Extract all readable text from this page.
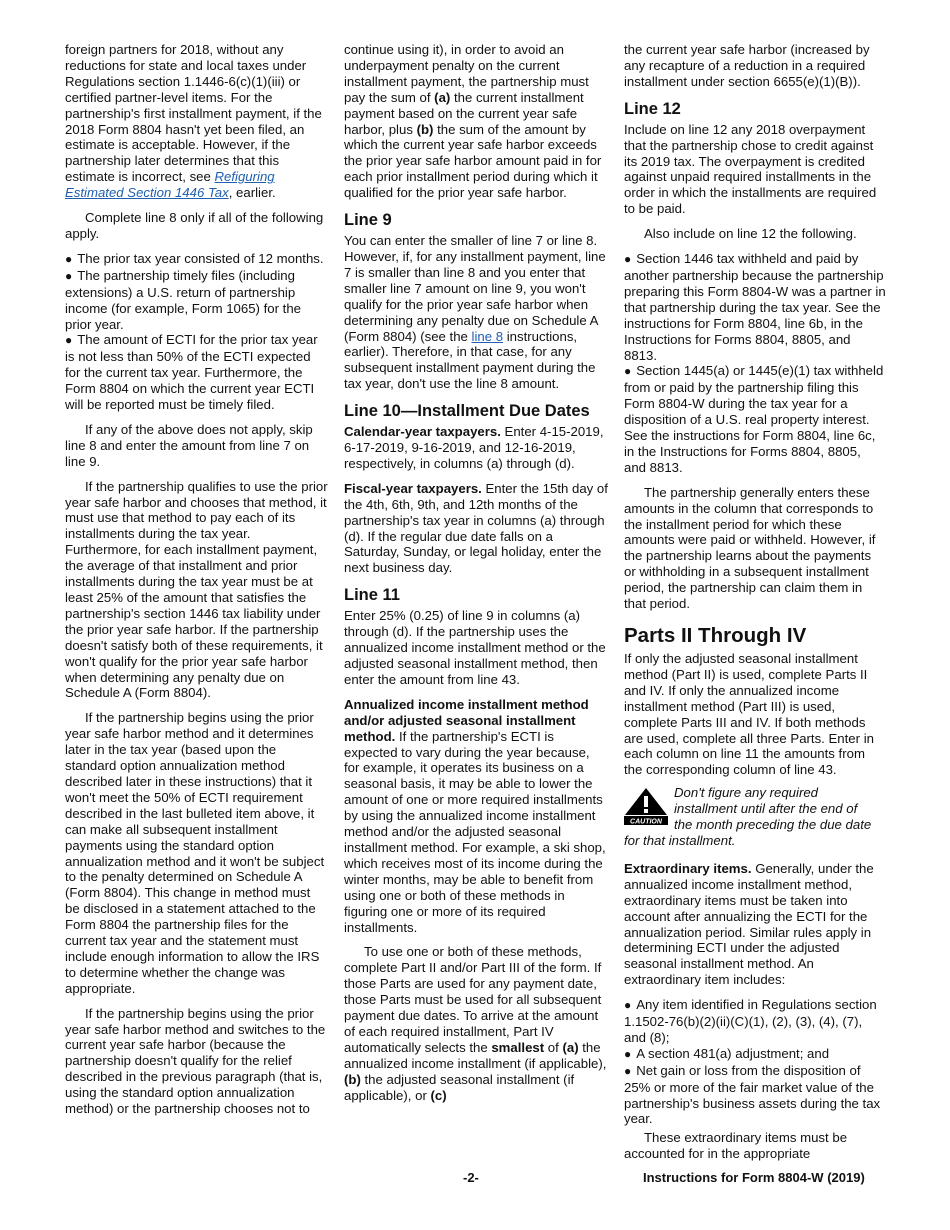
foreign partners for 2018, without any reductions for state and local taxes under Regulations section 1.1446-6(c)(1)(iii) or certified partner-level items. For the partnership's first installment payment, if the 2018 Form 8804 hasn't yet been filed, an estimate is acceptable. However, if the partnership later determines that this estimate is incorrect, see Refiguring Estimated Section 1446 Tax, earlier.

Complete line 8 only if all of the following apply.

● The prior tax year consisted of 12 months.
● The partnership timely files (including extensions) a U.S. return of partnership income (for example, Form 1065) for the prior year.
● The amount of ECTI for the prior tax year is not less than 50% of the ECTI expected for the current tax year. Furthermore, the Form 8804 on which the current year ECTI will be reported must be timely filed.

If any of the above does not apply, skip line 8 and enter the amount from line 7 on line 9.

If the partnership qualifies to use the prior year safe harbor and chooses that method, it must use that method to pay each of its installments during the tax year. Furthermore, for each installment payment, the average of that installment and prior installments during the tax year must be at least 25% of the amount that satisfies the partnership's section 1446 tax liability under the prior year safe harbor. If the partnership doesn't satisfy both of these requirements, it won't qualify for the prior year safe harbor when determining any penalty due on Schedule A (Form 8804).

If the partnership begins using the prior year safe harbor method and it determines later in the tax year (based upon the standard option annualization method described later in these instructions) that it won't meet the 50% of ECTI requirement described in the last bulleted item above, it can make all subsequent installment payments using the standard option annualization method and it won't be subject to the penalty determined on Schedule A (Form 8804). This change in method must be disclosed in a statement attached to the Form 8804 the partnership files for the current tax year and the statement must include enough information to allow the IRS to determine whether the change was appropriate.

If the partnership begins using the prior year safe harbor method and switches to the current year safe harbor (because the partnership doesn't qualify for the relief described in the previous paragraph (that is, using the standard option annualization method) or the partnership chooses not to

continue using it), in order to avoid an underpayment penalty on the current installment payment, the partnership must pay the sum of (a) the current installment payment based on the current year safe harbor, plus (b) the sum of the amount by which the current year safe harbor exceeds the prior year safe harbor amount paid in for each prior installment period during which it qualified for the prior year safe harbor.

Line 9

You can enter the smaller of line 7 or line 8. However, if, for any installment payment, line 7 is smaller than line 8 and you enter that smaller line 7 amount on line 9, you won't qualify for the prior year safe harbor when determining any penalty due on Schedule A (Form 8804) (see the line 8 instructions, earlier). Therefore, in that case, for any subsequent installment payment during the tax year, don't use the line 8 amount.

Line 10—Installment Due Dates

Calendar-year taxpayers. Enter 4-15-2019, 6-17-2019, 9-16-2019, and 12-16-2019, respectively, in columns (a) through (d).

Fiscal-year taxpayers. Enter the 15th day of the 4th, 6th, 9th, and 12th months of the partnership's tax year in columns (a) through (d). If the regular due date falls on a Saturday, Sunday, or legal holiday, enter the next business day.

Line 11

Enter 25% (0.25) of line 9 in columns (a) through (d). If the partnership uses the annualized income installment method or the adjusted seasonal installment method, then enter the amount from line 43.

Annualized income installment method and/or adjusted seasonal installment method. If the partnership's ECTI is expected to vary during the year because, for example, it operates its business on a seasonal basis, it may be able to lower the amount of one or more required installments by using the annualized income installment method and/or the adjusted seasonal installment method. For example, a ski shop, which receives most of its income during the winter months, may be able to benefit from using one or both of these methods in figuring one or more of its required installments.

To use one or both of these methods, complete Part II and/or Part III of the form. If those Parts are used for any payment date, those Parts must be used for all subsequent payment due dates. To arrive at the amount of each required installment, Part IV automatically selects the smallest of (a) the annualized income installment (if applicable), (b) the adjusted seasonal installment (if applicable), or (c)

the current year safe harbor (increased by any recapture of a reduction in a required installment under section 6655(e)(1)(B)).

Line 12

Include on line 12 any 2018 overpayment that the partnership chose to credit against its 2019 tax. The overpayment is credited against unpaid required installments in the order in which the installments are required to be paid.

Also include on line 12 the following.

● Section 1446 tax withheld and paid by another partnership because the partnership preparing this Form 8804-W was a partner in that partnership during the tax year. See the instructions for Form 8804, line 6b, in the Instructions for Forms 8804, 8805, and 8813.
● Section 1445(a) or 1445(e)(1) tax withheld from or paid by the partnership filing this Form 8804-W during the tax year for a disposition of a U.S. real property interest. See the instructions for Form 8804, line 6c, in the Instructions for Forms 8804, 8805, and 8813.

The partnership generally enters these amounts in the column that corresponds to the installment period for which these amounts were paid or withheld. However, if the partnership learns about the payments or withholding in a subsequent installment period, the partnership can claim them in that period.

Parts II Through IV

If only the adjusted seasonal installment method (Part II) is used, complete Parts II and IV. If only the annualized income installment method (Part III) is used, complete Parts III and IV. If both methods are used, complete all three Parts. Enter in each column on line 11 the amounts from the corresponding column of line 43.

CAUTION
Don't figure any required
installment until after the end of
the month preceding the due date
for that installment.

Extraordinary items. Generally, under the annualized income installment method, extraordinary items must be taken into account after annualizing the ECTI for the annualization period. Similar rules apply in determining ECTI under the adjusted seasonal installment method. An extraordinary item includes:

● Any item identified in Regulations section 1.1502-76(b)(2)(ii)(C)(1), (2), (3), (4), (7), and (8);
● A section 481(a) adjustment; and
● Net gain or loss from the disposition of 25% or more of the fair market value of the partnership's business assets during the tax year.

These extraordinary items must be accounted for in the appropriate

-2-	Instructions for Form 8804-W (2019)
